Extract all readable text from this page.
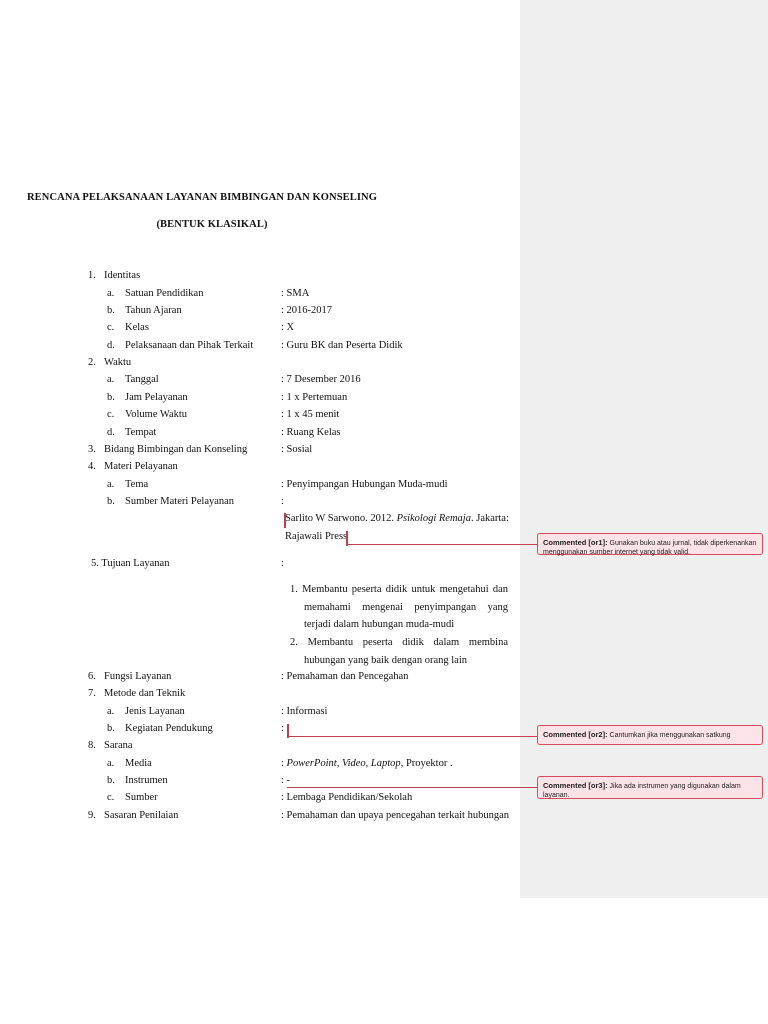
RENCANA PELAKSANAAN LAYANAN BIMBINGAN DAN KONSELING
(BENTUK KLASIKAL)
1. Identitas
a. Satuan Pendidikan	: SMA
b. Tahun Ajaran	: 2016-2017
c. Kelas	: X
d. Pelaksanaan dan Pihak Terkait	: Guru BK dan Peserta Didik
2. Waktu
a. Tanggal	: 7 Desember 2016
b. Jam Pelayanan	: 1 x Pertemuan
c. Volume Waktu	: 1 x 45 menit
d. Tempat	: Ruang Kelas
3. Bidang Bimbingan dan Konseling	: Sosial
4. Materi Pelayanan
a. Tema	: Penyimpangan Hubungan Muda-mudi
b. Sumber Materi Pelayanan	:
Sarlito W Sarwono. 2012. Psikologi Remaja. Jakarta:
Rajawali Press
5. Tujuan Layanan	:
1. Membantu peserta didik untuk mengetahui dan
memahami mengenai penyimpangan yang
terjadi dalam hubungan muda-mudi
2. Membantu peserta didik dalam membina
hubungan yang baik dengan orang lain
6. Fungsi Layanan	: Pemahaman dan Pencegahan
7. Metode dan Teknik
a. Jenis Layanan	: Informasi
b. Kegiatan Pendukung	:
8. Sarana
a. Media	: PowerPoint, Video, Laptop, Proyektor .
b. Instrumen	: -
c. Sumber	: Lembaga Pendidikan/Sekolah
9. Sasaran Penilaian	: Pemahaman dan upaya pencegahan terkait hubungan
Commented [or1]: Gunakan buku atau jurnal, tidak diperkenankan menggunakan sumber internet yang tidak valid.
Commented [or2]: Cantumkan jika menggunakan satkung
Commented [or3]: Jika ada instrumen yang digunakan dalam layanan.
